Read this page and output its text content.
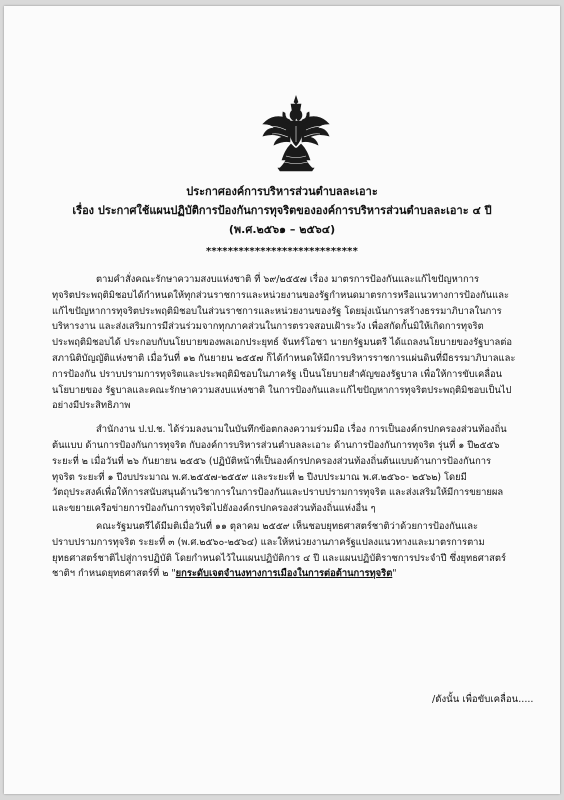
ประกาศองค์การบริหารส่วนตำบลละเอาะ
เรื่อง ประกาศใช้แผนปฏิบัติการป้องกันการทุจริตขององค์การบริหารส่วนตำบลละเอาะ ๔ ปี
(พ.ศ.๒๕๖๑ – ๒๕๖๔)
****************************
ตามคำสั่งคณะรักษาความสงบแห่งชาติ ที่ ๖๙/๒๕๕๗ เรื่อง มาตรการป้องกันและแก้ไขปัญหาการ
ทุจริตประพฤติมิชอบได้กำหนดให้ทุกส่วนราชการและหน่วยงานของรัฐกำหนดมาตรการหรือแนวทางการป้องกันและ
แก้ไขปัญหาการทุจริตประพฤติมิชอบในส่วนราชการและหน่วยงานของรัฐ โดยมุ่งเน้นการสร้างธรรมาภิบาลในการ
บริหารงาน และส่งเสริมการมีส่วนร่วมจากทุกภาคส่วนในการตรวจสอบเฝ้าระวัง เพื่อสกัดกั้นมิให้เกิดการทุจริต
ประพฤติมิชอบได้ ประกอบกับนโยบายของพลเอกประยุทธ์ จันทร์โอชา นายกรัฐมนตรี ได้แถลงนโยบายของรัฐบาลต่อ
สภานิติบัญญัติแห่งชาติ เมื่อวันที่ ๑๒ กันยายน ๒๕๕๗ ก็ได้กำหนดให้มีการบริหารราชการแผ่นดินที่มีธรรมาภิบาลและ
การป้องกัน ปราบปรามการทุจริตและประพฤติมิชอบในภาครัฐ เป็นนโยบายสำคัญของรัฐบาล เพื่อให้การขับเคลื่อน
นโยบายของ รัฐบาลและคณะรักษาความสงบแห่งชาติ ในการป้องกันและแก้ไขปัญหาการทุจริตประพฤติมิชอบเป็นไป
อย่างมีประสิทธิภาพ
สำนักงาน ป.ป.ช. ได้ร่วมลงนามในบันทึกข้อตกลงความร่วมมือ เรื่อง การเป็นองค์กรปกครองส่วนท้องถิ่น
ต้นแบบ ด้านการป้องกันการทุจริต กับองค์การบริหารส่วนตำบลละเอาะ ด้านการป้องกันการทุจริต รุ่นที่ ๑ ปี๒๕๕๖
ระยะที่ ๒ เมื่อวันที่ ๒๖ กันยายน ๒๕๕๖ (ปฏิบัติหน้าที่เป็นองค์กรปกครองส่วนท้องถิ่นต้นแบบด้านการป้องกันการ
ทุจริต ระยะที่ ๑ ปีงบประมาณ พ.ศ.๒๕๕๗-๒๕๕๙ และระยะที่ ๒ ปีงบประมาณ พ.ศ.๒๕๖๐- ๒๕๖๒) โดยมี
วัตถุประสงค์เพื่อให้การสนับสนุนด้านวิชาการในการป้องกันและปราบปรามการทุจริต และส่งเสริมให้มีการขยายผล
และขยายเครือข่ายการป้องกันการทุจริตไปยังองค์กรปกครองส่วนท้องถิ่นแห่งอื่น ๆ
คณะรัฐมนตรีได้มีมติเมื่อวันที่ ๑๑ ตุลาคม ๒๕๕๙ เห็นชอบยุทธศาสตร์ชาติว่าด้วยการป้องกันและ
ปราบปรามการทุจริต ระยะที่ ๓ (พ.ศ.๒๕๖๐-๒๕๖๔) และให้หน่วยงานภาครัฐแปลงแนวทางและมาตรการตาม
ยุทธศาสตร์ชาติไปสู่การปฏิบัติ โดยกำหนดไว้ในแผนปฏิบัติการ ๔ ปี และแผนปฏิบัติราชการประจำปี ซึ่งยุทธศาสตร์
ชาติฯ กำหนดยุทธศาสตร์ที่ ๒ "ยกระดับเจตจำนงทางการเมืองในการต่อต้านการทุจริต"
/ดังนั้น เพื่อขับเคลื่อน.....
